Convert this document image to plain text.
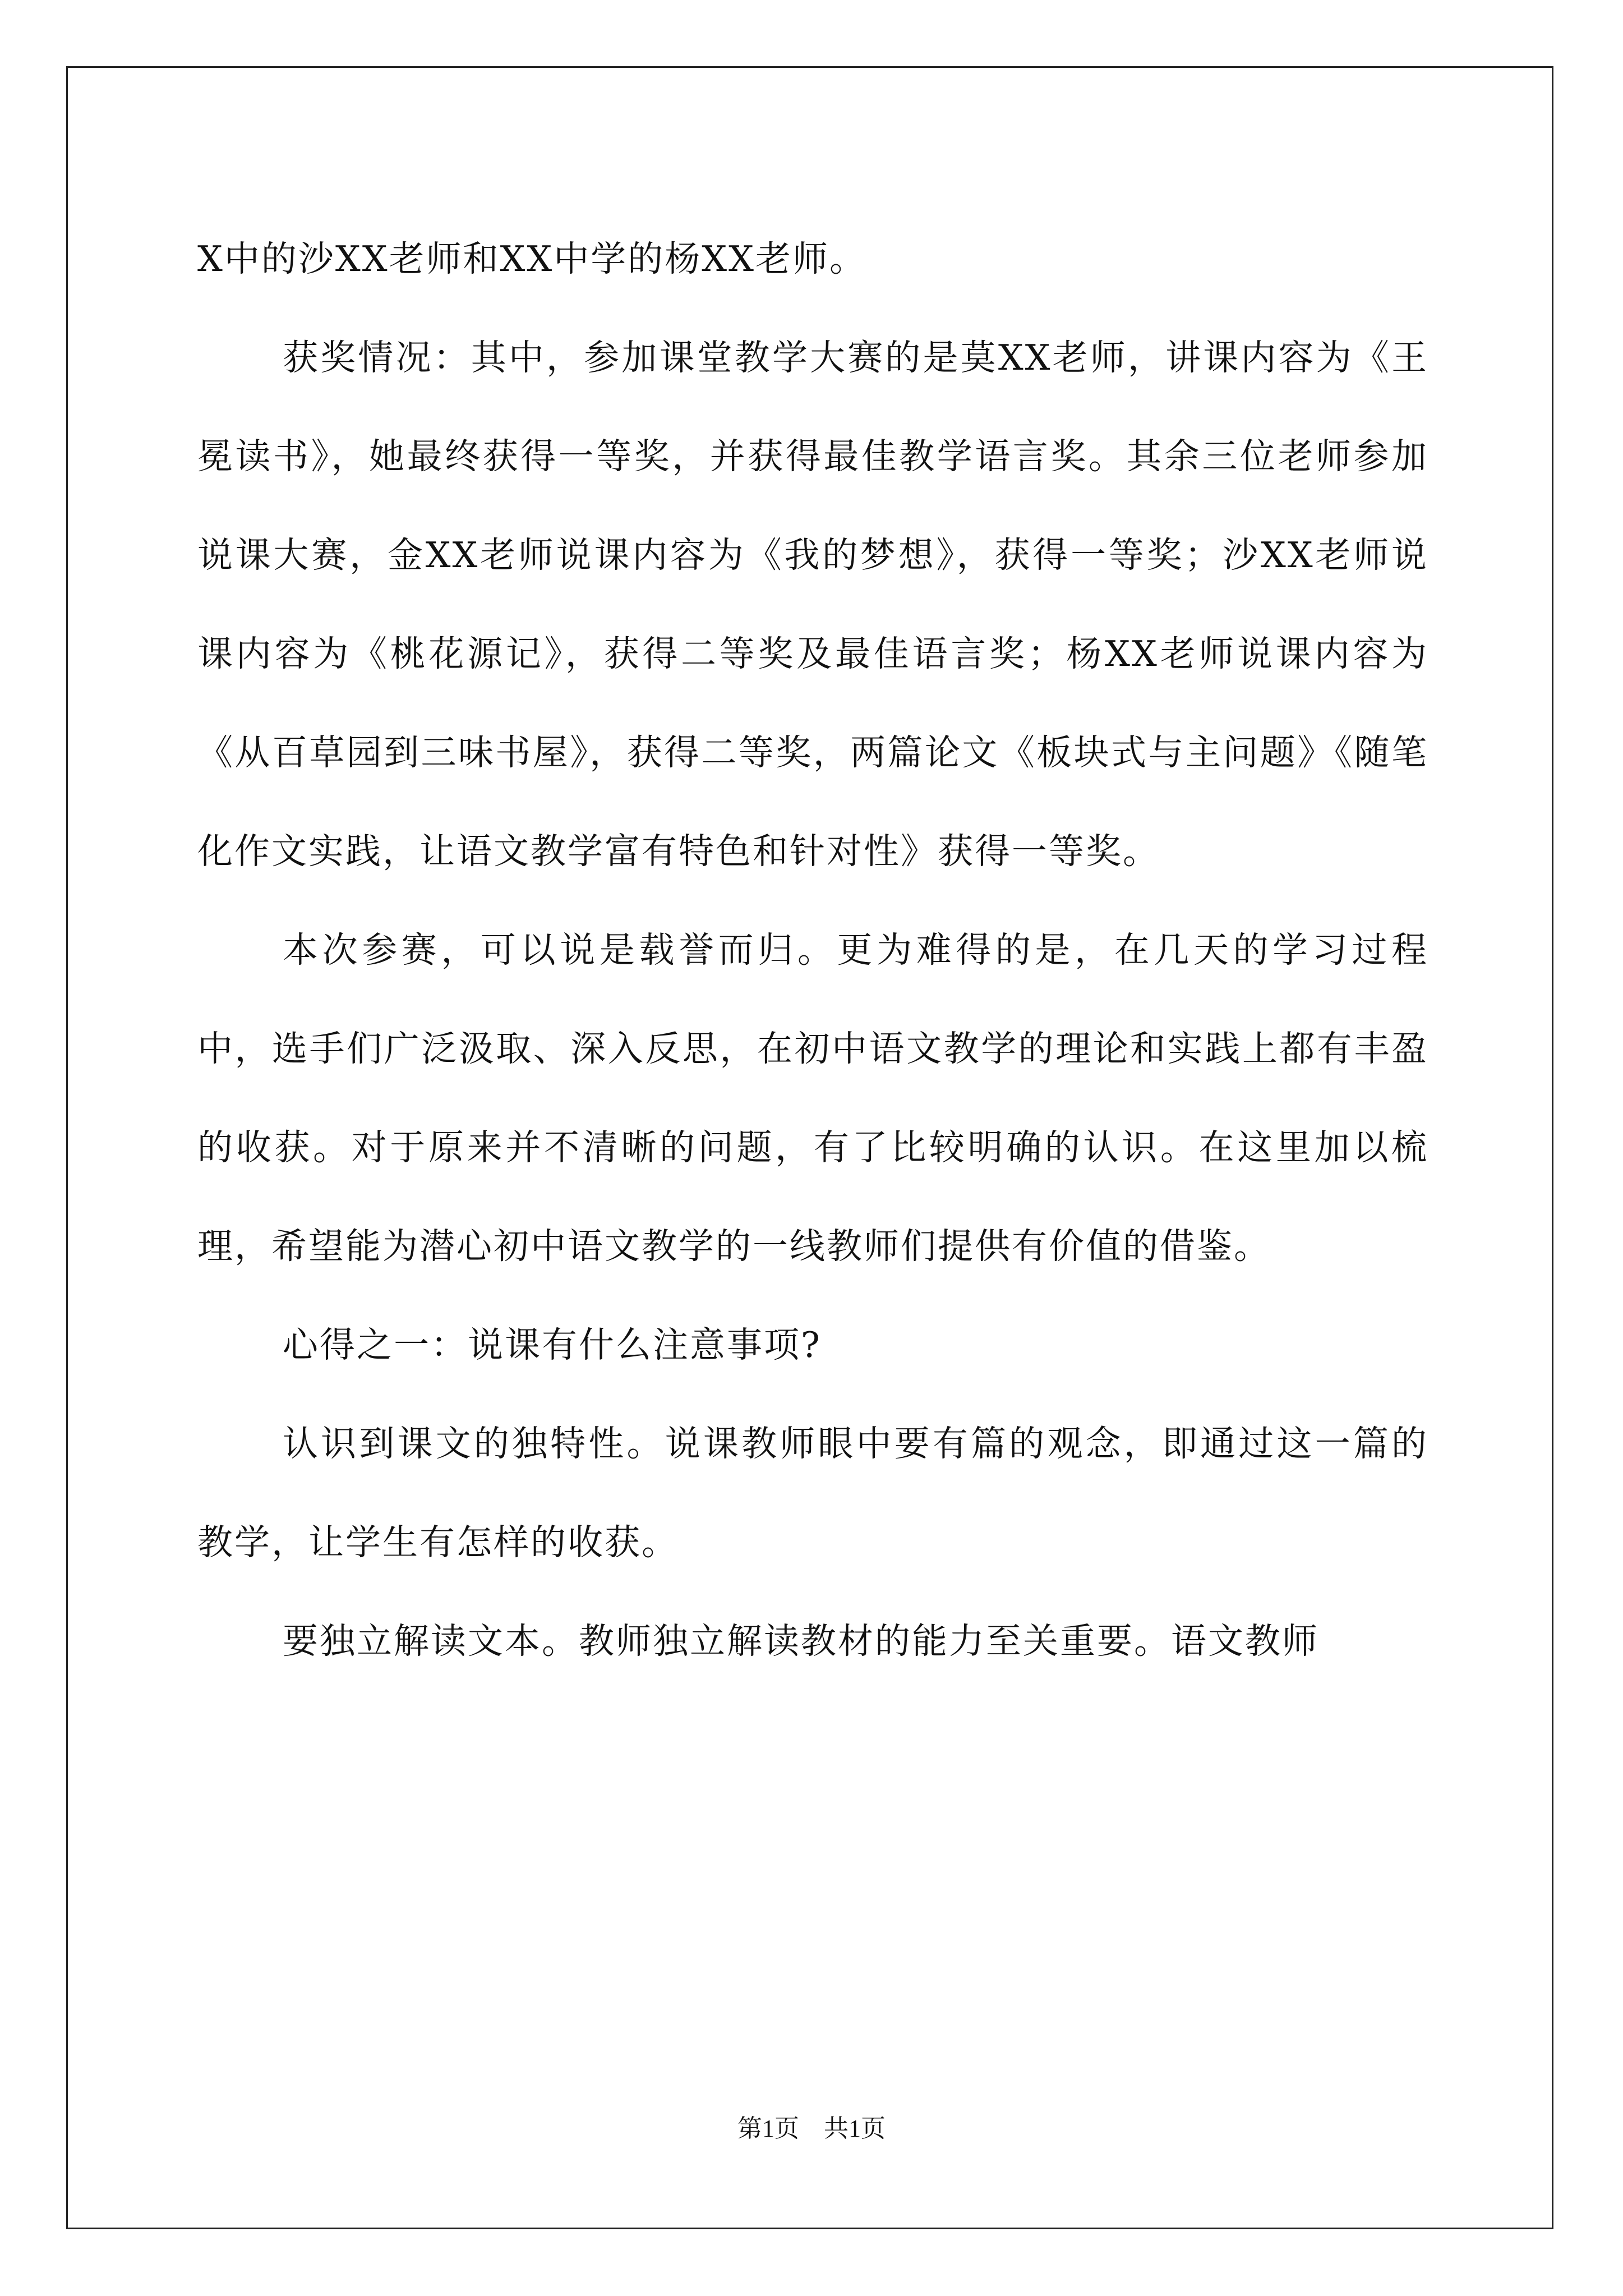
X中的沙XX老师和XX中学的杨XX老师。

获奖情况：其中，参加课堂教学大赛的是莫XX老师，讲课内容为《王冕读书》，她最终获得一等奖，并获得最佳教学语言奖。其余三位老师参加说课大赛，金XX老师说课内容为《我的梦想》，获得一等奖；沙XX老师说课内容为《桃花源记》，获得二等奖及最佳语言奖；杨XX老师说课内容为《从百草园到三味书屋》，获得二等奖，两篇论文《板块式与主问题》《随笔化作文实践，让语文教学富有特色和针对性》获得一等奖。

本次参赛，可以说是载誉而归。更为难得的是，在几天的学习过程中，选手们广泛汲取、深入反思，在初中语文教学的理论和实践上都有丰盈的收获。对于原来并不清晰的问题，有了比较明确的认识。在这里加以梳理，希望能为潜心初中语文教学的一线教师们提供有价值的借鉴。

心得之一：说课有什么注意事项?

认识到课文的独特性。说课教师眼中要有篇的观念，即通过这一篇的教学，让学生有怎样的收获。

要独立解读文本。教师独立解读教材的能力至关重要。语文教师

第1页　共1页
